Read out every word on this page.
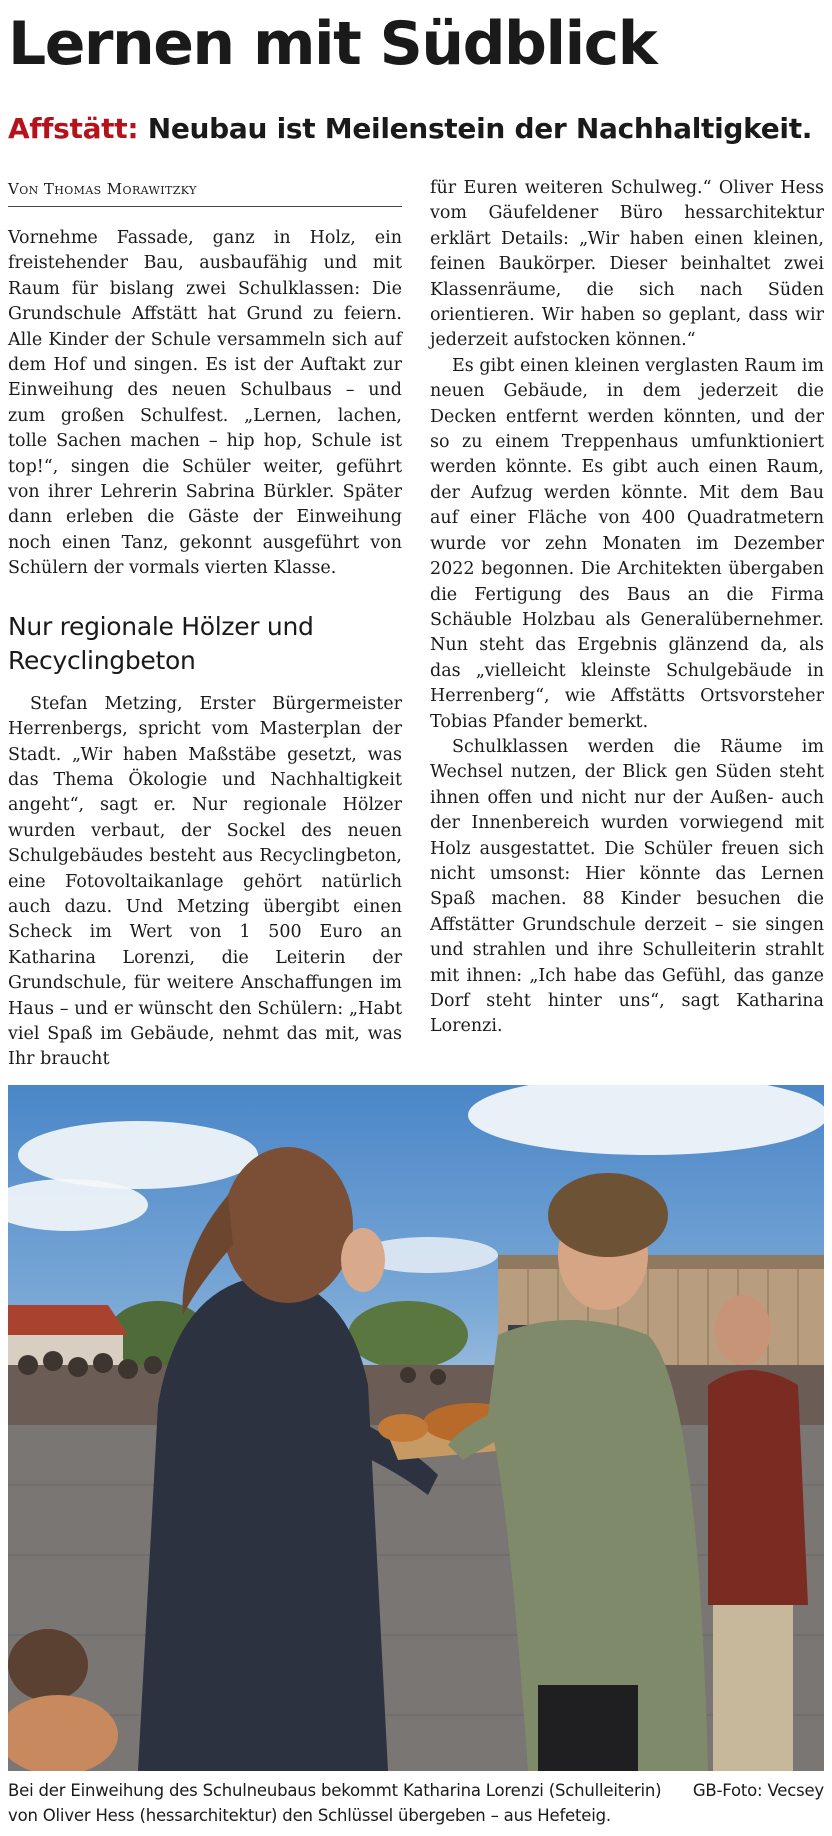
Lernen mit Südblick
Affstätt: Neubau ist Meilenstein der Nachhaltigkeit.
Von Thomas Morawitzky

Vornehme Fassade, ganz in Holz, ein freistehender Bau, ausbaufähig und mit Raum für bislang zwei Schulklassen: Die Grundschule Affstätt hat Grund zu feiern. Alle Kinder der Schule versammeln sich auf dem Hof und singen. Es ist der Auftakt zur Einweihung des neuen Schulbaus – und zum großen Schulfest. „Lernen, lachen, tolle Sachen machen – hip hop, Schule ist top!“, singen die Schüler weiter, geführt von ihrer Lehrerin Sabrina Bürkler. Später dann erleben die Gäste der Einweihung noch einen Tanz, gekonnt ausgeführt von Schülern der vormals vierten Klasse.

Nur regionale Hölzer und Recyclingbeton

Stefan Metzing, Erster Bürgermeister Herrenbergs, spricht vom Masterplan der Stadt. „Wir haben Maßstäbe gesetzt, was das Thema Ökologie und Nachhaltigkeit angeht“, sagt er. Nur regionale Hölzer wurden verbaut, der Sockel des neuen Schulgebäudes besteht aus Recyclingbeton, eine Fotovoltaikanlage gehört natürlich auch dazu. Und Metzing übergibt einen Scheck im Wert von 1 500 Euro an Katharina Lorenzi, die Leiterin der Grundschule, für weitere Anschaffungen im Haus – und er wünscht den Schülern: „Habt viel Spaß im Gebäude, nehmt das mit, was Ihr braucht

für Euren weiteren Schulweg.“ Oliver Hess vom Gäufeldener Büro hessarchitektur erklärt Details: „Wir haben einen kleinen, feinen Baukörper. Dieser beinhaltet zwei Klassenräume, die sich nach Süden orientieren. Wir haben so geplant, dass wir jederzeit aufstocken können.“

Es gibt einen kleinen verglasten Raum im neuen Gebäude, in dem jederzeit die Decken entfernt werden könnten, und der so zu einem Treppenhaus umfunktioniert werden könnte. Es gibt auch einen Raum, der Aufzug werden könnte. Mit dem Bau auf einer Fläche von 400 Quadratmetern wurde vor zehn Monaten im Dezember 2022 begonnen. Die Architekten übergaben die Fertigung des Baus an die Firma Schäuble Holzbau als Generalübernehmer. Nun steht das Ergebnis glänzend da, als das „vielleicht kleinste Schulgebäude in Herrenberg“, wie Affstätts Ortsvorsteher Tobias Pfander bemerkt.

Schulklassen werden die Räume im Wechsel nutzen, der Blick gen Süden steht ihnen offen und nicht nur der Außen- auch der Innenbereich wurden vorwiegend mit Holz ausgestattet. Die Schüler freuen sich nicht umsonst: Hier könnte das Lernen Spaß machen. 88 Kinder besuchen die Affstätter Grundschule derzeit – sie singen und strahlen und ihre Schulleiterin strahlt mit ihnen: „Ich habe das Gefühl, das ganze Dorf steht hinter uns“, sagt Katharina Lorenzi.

GB-Foto: Vecsey
Bei der Einweihung des Schulneubaus bekommt Katharina Lorenzi (Schulleiterin) von Oliver Hess (hessarchitektur) den Schlüssel übergeben – aus Hefeteig.
